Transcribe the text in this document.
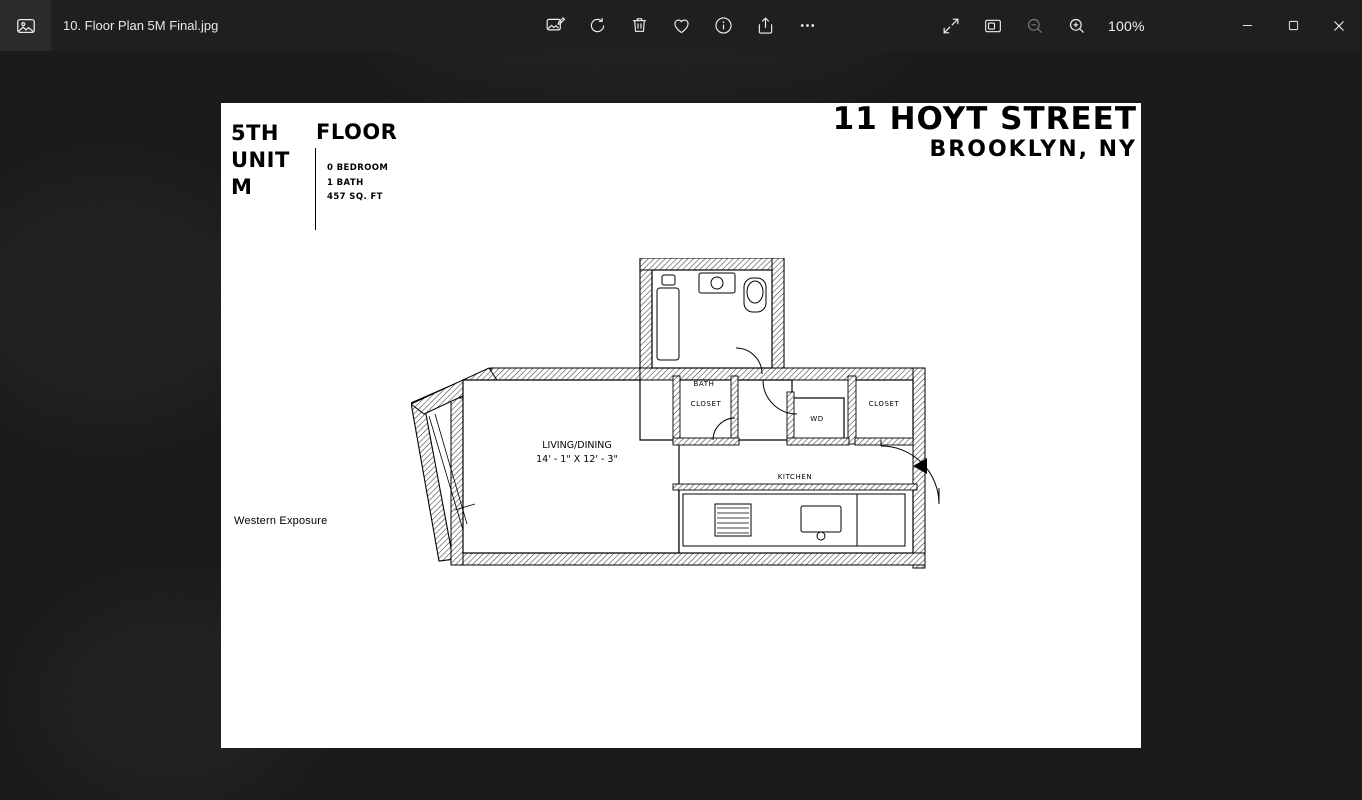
10. Floor Plan 5M Final.jpg	100%
11 HOYT STREET
BROOKLYN, NY
5TH	FLOOR
UNIT
M
0 BEDROOM
1 BATH
457 SQ. FT
Western Exposure
BATH
CLOSET
WD
CLOSET
KITCHEN
LIVING/DINING
14' - 1" X 12' - 3"
